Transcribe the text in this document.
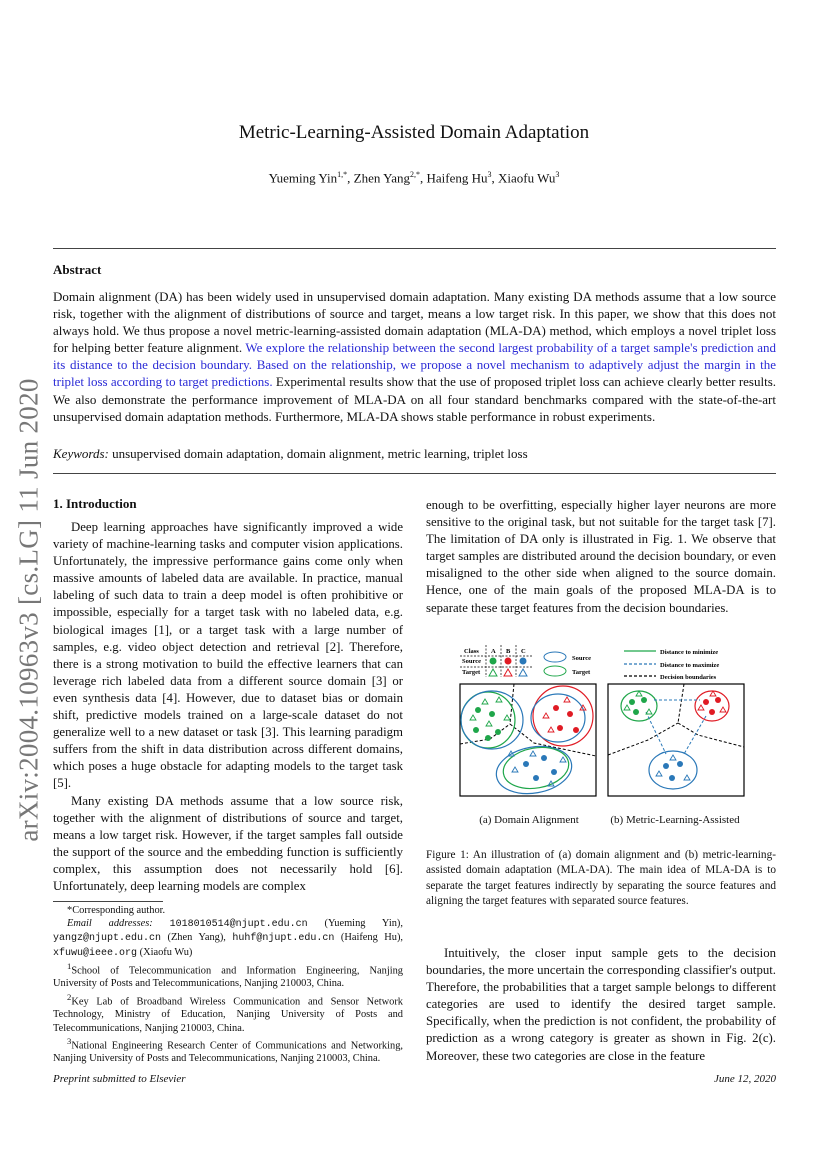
arXiv:2004.10963v3 [cs.LG] 11 Jun 2020
Metric-Learning-Assisted Domain Adaptation
Yueming Yin$^{1,*}$, Zhen Yang$^{2,*}$, Haifeng Hu$^3$, Xiaofu Wu$^3$
Abstract
Domain alignment (DA) has been widely used in unsupervised domain adaptation. Many existing DA methods assume that a low source risk, together with the alignment of distributions of source and target, means a low target risk. In this paper, we show that this does not always hold. We thus propose a novel metric-learning-assisted domain adaptation (MLA-DA) method, which employs a novel triplet loss for helping better feature alignment. We explore the relationship between the second largest probability of a target sample's prediction and its distance to the decision boundary. Based on the relationship, we propose a novel mechanism to adaptively adjust the margin in the triplet loss according to target predictions. Experimental results show that the use of proposed triplet loss can achieve clearly better results. We also demonstrate the performance improvement of MLA-DA on all four standard benchmarks compared with the state-of-the-art unsupervised domain adaptation methods. Furthermore, MLA-DA shows stable performance in robust experiments.
Keywords: unsupervised domain adaptation, domain alignment, metric learning, triplet loss
1. Introduction

Deep learning approaches have significantly improved a wide variety of machine-learning tasks and computer vision applications. Unfortunately, the impressive performance gains come only when massive amounts of labeled data are available. In practice, manual labeling of such data to train a deep model is often prohibitive or impossible, especially for a target task with no labeled data, e.g. biological images [1], or a target task with a large number of samples, e.g. video object detection and retrieval [2]. Therefore, there is a strong motivation to build the effective learners that can leverage rich labeled data from a different source domain [3] or even synthesis data [4]. However, due to dataset bias or domain shift, predictive models trained on a large-scale dataset do not generalize well to a new dataset or task [3]. This learning paradigm suffers from the shift in data distribution across different domains, which poses a huge obstacle for adapting models to the target task [5].

Many existing DA methods assume that a low source risk, together with the alignment of distributions of source and target, means a low target risk. However, if the target samples fall outside the support of the source and the embedding function is sufficiently complex, this assumption does not necessarily hold [6]. Unfortunately, deep learning models are complex

*Corresponding author.

Email addresses: 1018010514@njupt.edu.cn (Yueming Yin), yangz@njupt.edu.cn (Zhen Yang), huhf@njupt.edu.cn (Haifeng Hu), xfuwu@ieee.org (Xiaofu Wu)

$^1$School of Telecommunication and Information Engineering, Nanjing University of Posts and Telecommunications, Nanjing 210003, China.

$^2$Key Lab of Broadband Wireless Communication and Sensor Network Technology, Ministry of Education, Nanjing University of Posts and Telecommunications, Nanjing 210003, China.

$^3$National Engineering Research Center of Communications and Networking, Nanjing University of Posts and Telecommunications, Nanjing 210003, China.

enough to be overfitting, especially higher layer neurons are more sensitive to the original task, but not suitable for the target task [7]. The limitation of DA only is illustrated in Fig. 1. We observe that target samples are distributed around the decision boundary, or even misaligned to the other side when aligned to the source domain. Hence, one of the main goals of the proposed MLA-DA is to separate these target features from the decision boundaries.

Class
Source
Target
A B C
Source
Target
Distance to minimize
Distance to maximize
Decision boundaries
(a) Domain Alignment	(b) Metric-Learning-Assisted
Figure 1: An illustration of (a) domain alignment and (b) metric-learning-assisted domain adaptation (MLA-DA). The main idea of MLA-DA is to separate the target features indirectly by separating the source features and aligning the target features with separated source features.

Intuitively, the closer input sample gets to the decision boundaries, the more uncertain the corresponding classifier's output. Therefore, the probabilities that a target sample belongs to different categories are used to identify the desired target sample. Specifically, when the prediction is not confident, the probability of prediction as a wrong category is greater as shown in Fig. 2(c). Moreover, these two categories are close in the feature

Preprint submitted to Elsevier	June 12, 2020
